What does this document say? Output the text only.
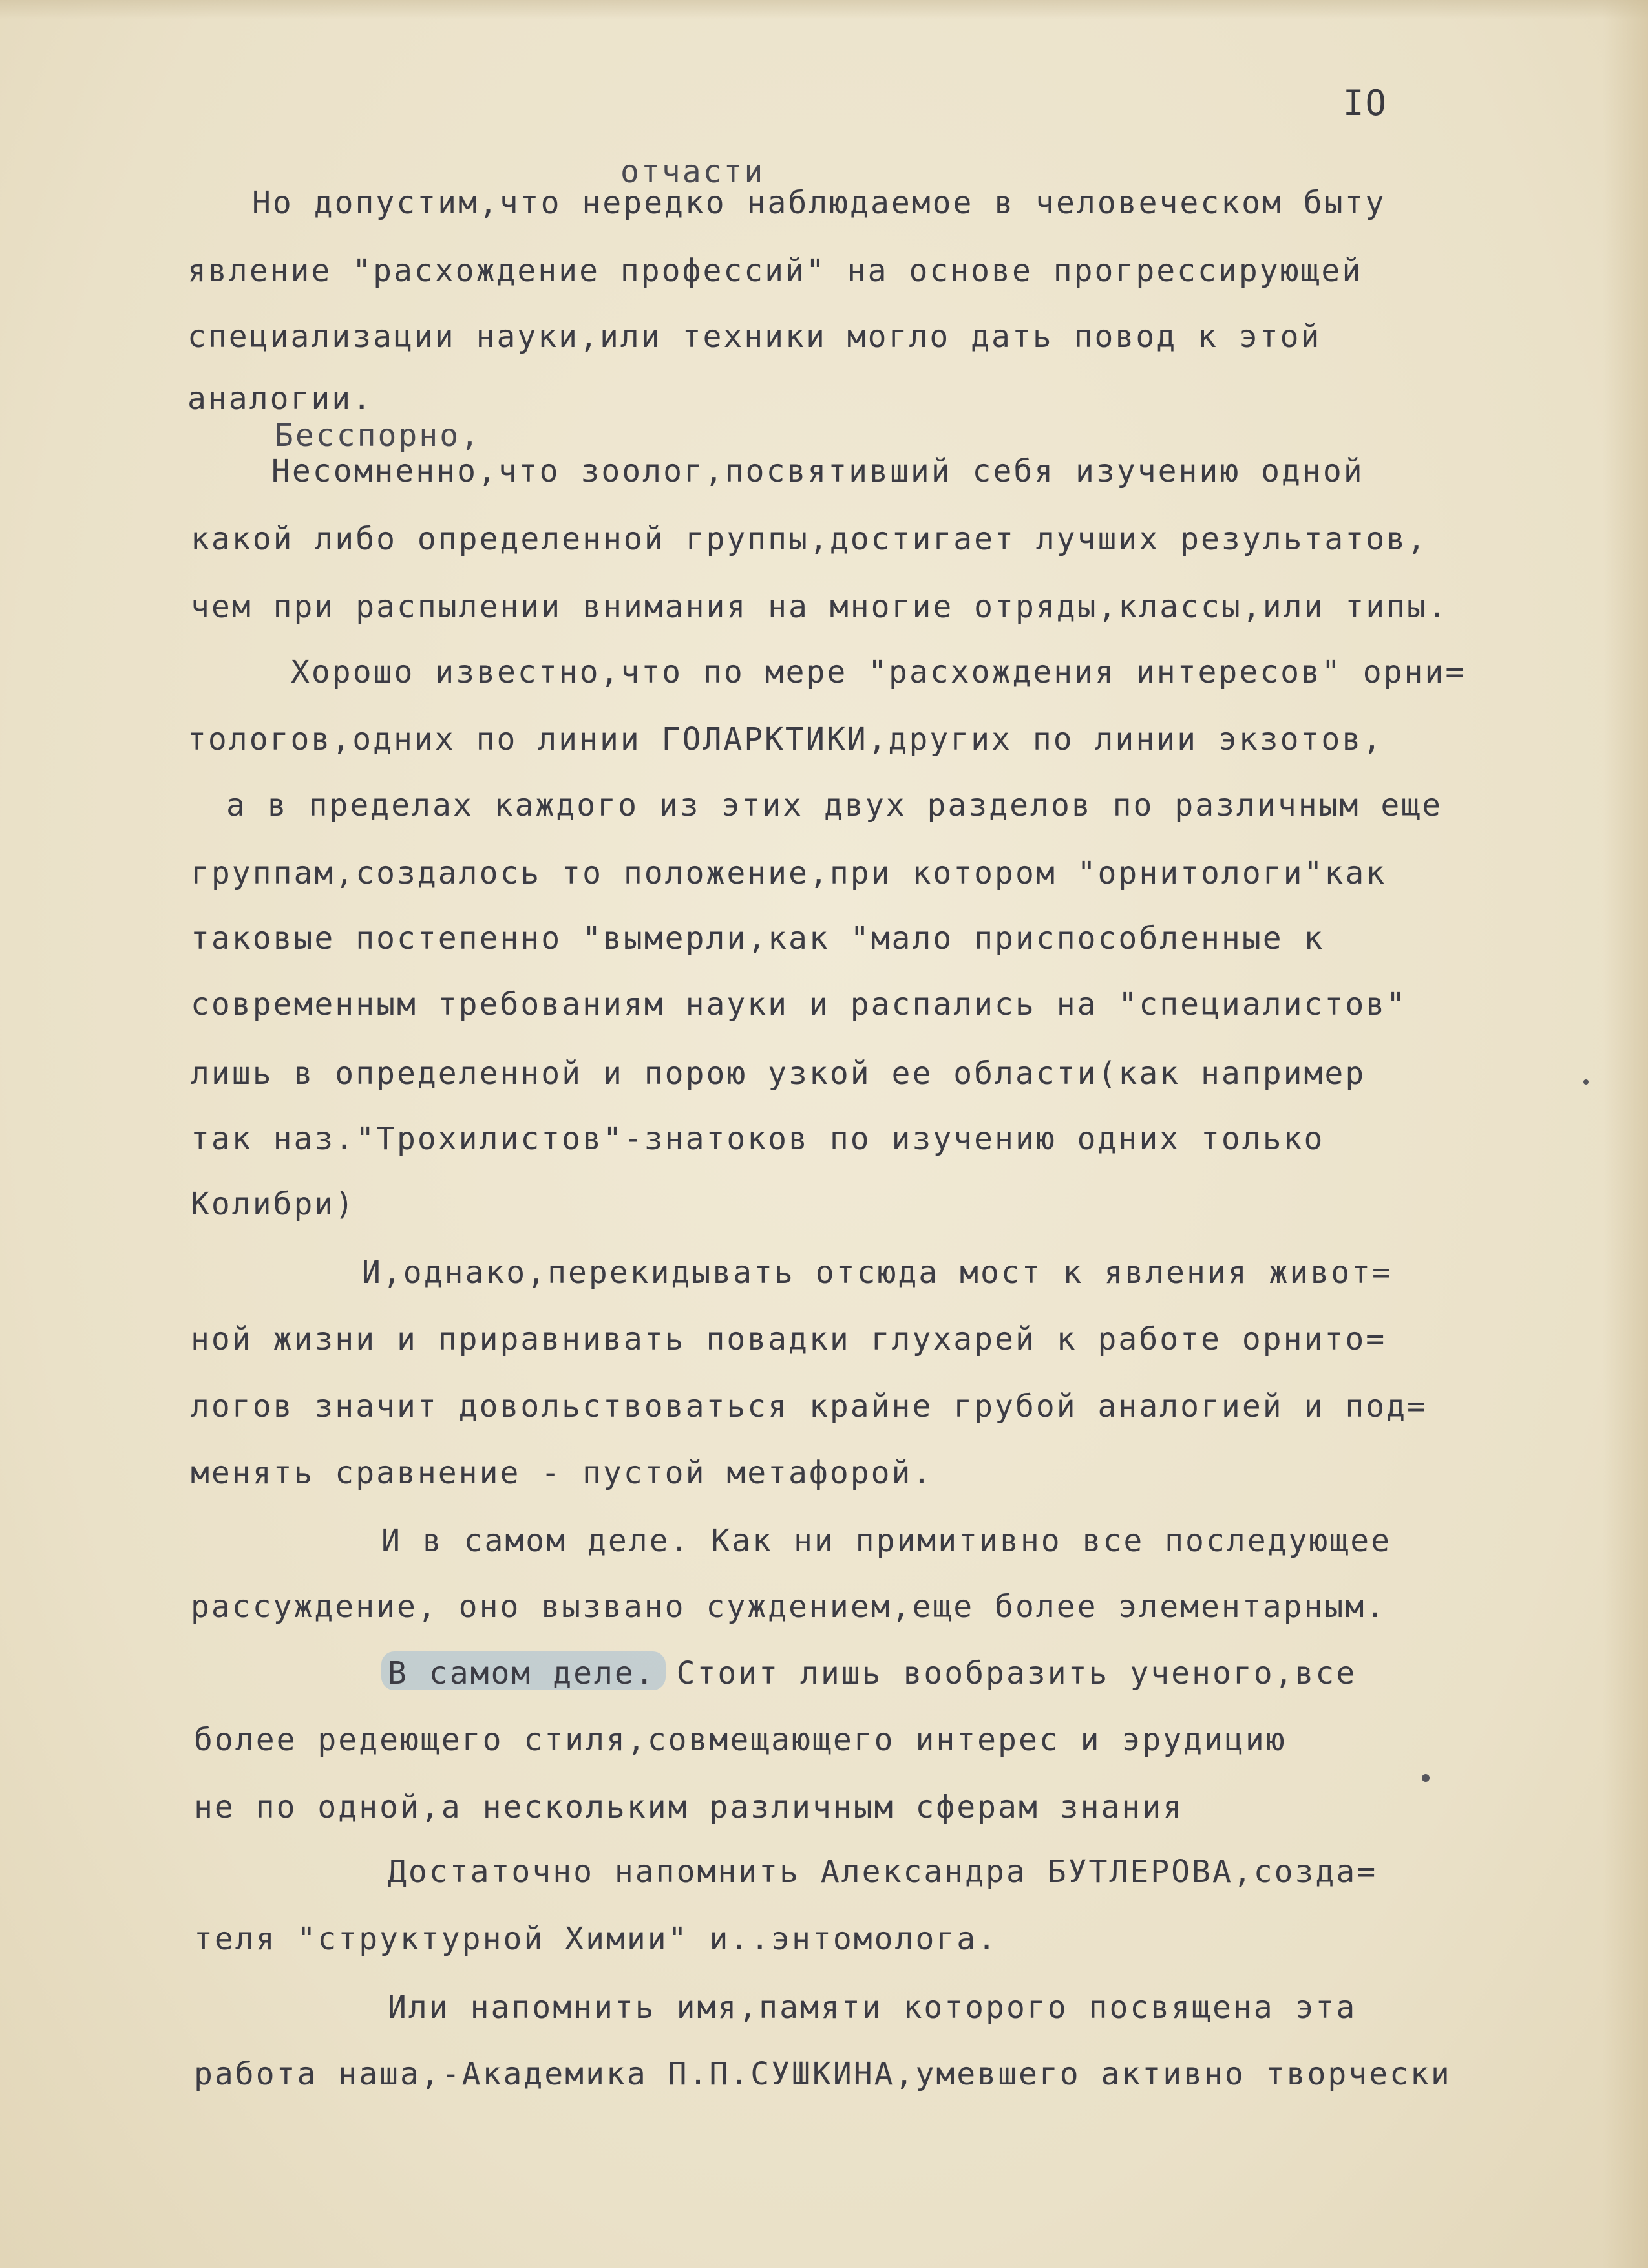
IO
отчасти
Но допустим,что нередко наблюдаемое в человеческом быту
явление "расхождение профессий" на основе прогрессирующей
специализации науки,или техники могло дать повод к этой
аналогии.
Бесспорно,
Несомненно,что зоолог,посвятивший себя изучению одной
какой либо определенной группы,достигает лучших результатов,
чем при распылении внимания на многие отряды,классы,или типы.
Хорошо известно,что по мере "расхождения интересов" орни=
тологов,одних по линии ГОЛАРКТИКИ,других по линии экзотов,
а в пределах каждого из этих двух разделов по различным еще
группам,создалось то положение,при котором "орнитологи"как
таковые постепенно "вымерли,как "мало приспособленные к
современным требованиям науки и распались на "специалистов"
лишь в определенной и порою узкой ее области(как например
так наз."Трохилистов"-знатоков по изучению одних только
Колибри)
И,однако,перекидывать отсюда мост к явления живот=
ной жизни и приравнивать повадки глухарей к работе орнито=
логов значит довольствоваться крайне грубой аналогией и под=
менять сравнение - пустой метафорой.
И в самом деле. Как ни примитивно все последующее
рассуждение, оно вызвано суждением,еще более элементарным.
В самом деле. Стоит лишь вообразить ученого,все
более редеющего стиля,совмещающего интерес и эрудицию
не по одной,а нескольким различным сферам знания
Достаточно напомнить Александра БУТЛЕРОВА,созда=
теля "структурной Химии" и..энтомолога.
Или напомнить имя,памяти которого посвящена эта
работа наша,-Академика П.П.СУШКИНА,умевшего активно творчески
